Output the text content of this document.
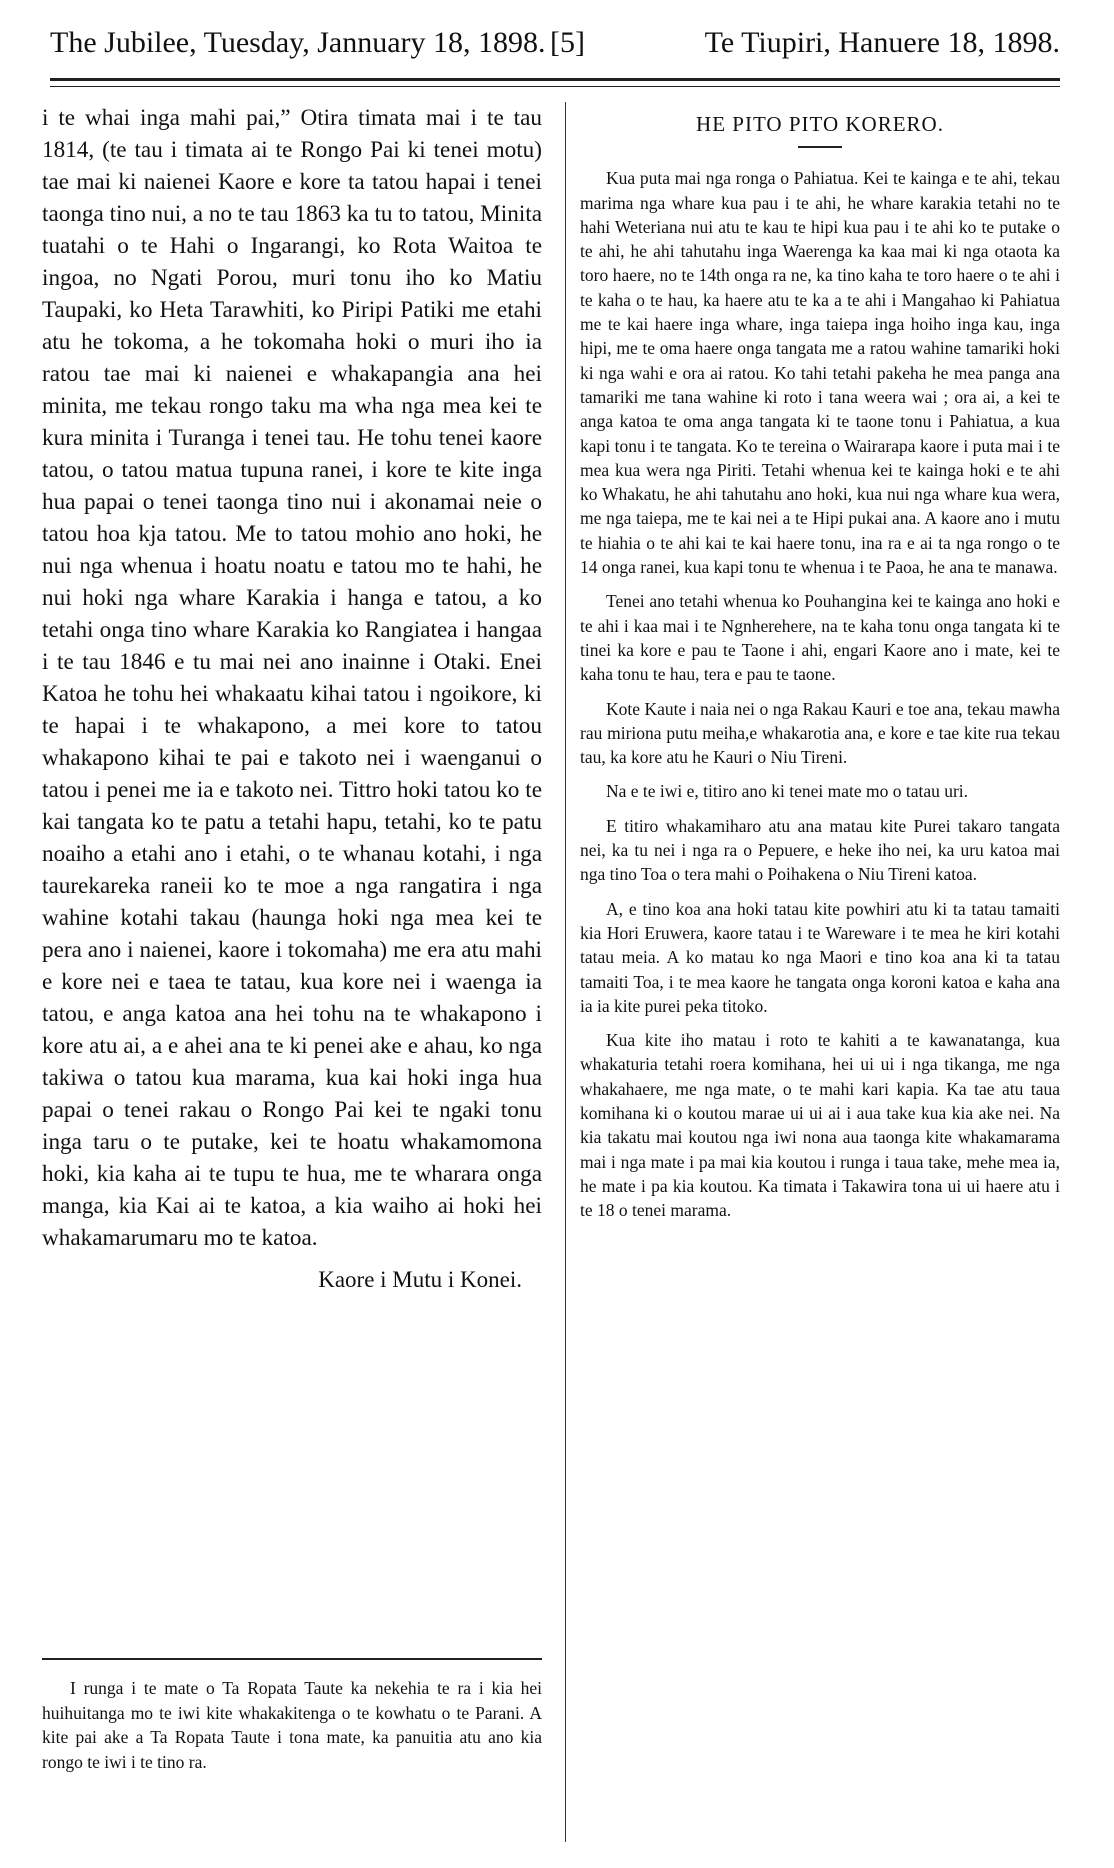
The Jubilee, Tuesday, Jannuary 18, 1898. [5]	Te Tiupiri, Hanuere 18, 1898.

i te whai inga mahi pai,” Otira timata mai i te tau 1814, (te tau i timata ai te Rongo Pai ki tenei motu) tae mai ki naienei Kaore e kore ta tatou hapai i tenei taonga tino nui, a no te tau 1863 ka tu to tatou, Minita tuatahi o te Hahi o Ingarangi, ko Rota Waitoa te ingoa, no Ngati Porou, muri tonu iho ko Matiu Taupaki, ko Heta Tarawhiti, ko Piripi Patiki me etahi atu he tokoma, a he tokomaha hoki o muri iho ia ratou tae mai ki naienei e whakapangia ana hei minita, me tekau rongo taku ma wha nga mea kei te kura minita i Turanga i tenei tau. He tohu tenei kaore tatou, o tatou matua tupuna ranei, i kore te kite inga hua papai o tenei taonga tino nui i akonamai neie o tatou hoa kja tatou. Me to tatou mohio ano hoki, he nui nga whenua i hoatu noatu e tatou mo te hahi, he nui hoki nga whare Karakia i hanga e tatou, a ko tetahi onga tino whare Karakia ko Rangiatea i hangaa i te tau 1846 e tu mai nei ano inainne i Otaki. Enei Katoa he tohu hei whakaatu kihai tatou i ngoikore, ki te hapai i te whakapono, a mei kore to tatou whakapono kihai te pai e takoto nei i waenganui o tatou i penei me ia e takoto nei. Tittro hoki tatou ko te kai tangata ko te patu a tetahi hapu, tetahi, ko te patu noaiho a etahi ano i etahi, o te whanau kotahi, i nga taurekareka raneii ko te moe a nga rangatira i nga wahine kotahi takau (haunga hoki nga mea kei te pera ano i naienei, kaore i tokomaha) me era atu mahi e kore nei e taea te tatau, kua kore nei i waenga ia tatou, e anga katoa ana hei tohu na te whakapono i kore atu ai, a e ahei ana te ki penei ake e ahau, ko nga takiwa o tatou kua marama, kua kai hoki inga hua papai o tenei rakau o Rongo Pai kei te ngaki tonu inga taru o te putake, kei te hoatu whakamomona hoki, kia kaha ai te tupu te hua, me te wharara onga manga, kia Kai ai te katoa, a kia waiho ai hoki hei whakamarumaru mo te katoa.

Kaore i Mutu i Konei.

I runga i te mate o Ta Ropata Taute ka nekehia te ra i kia hei huihuitanga mo te iwi kite whakakitenga o te kowhatu o te Parani. A kite pai ake a Ta Ropata Taute i tona mate, ka panuitia atu ano kia rongo te iwi i te tino ra.

HE PITO PITO KORERO.

Kua puta mai nga ronga o Pahiatua. Kei te kainga e te ahi, tekau marima nga whare kua pau i te ahi, he whare karakia tetahi no te hahi Weteriana nui atu te kau te hipi kua pau i te ahi ko te putake o te ahi, he ahi tahutahu inga Waerenga ka kaa mai ki nga otaota ka toro haere, no te 14th onga ra ne, ka tino kaha te toro haere o te ahi i te kaha o te hau, ka haere atu te ka a te ahi i Mangahao ki Pahiatua me te kai haere inga whare, inga taiepa inga hoiho inga kau, inga hipi, me te oma haere onga tangata me a ratou wahine tamariki hoki ki nga wahi e ora ai ratou. Ko tahi tetahi pakeha he mea panga ana tamariki me tana wahine ki roto i tana weera wai ; ora ai, a kei te anga katoa te oma anga tangata ki te taone tonu i Pahiatua, a kua kapi tonu i te tangata. Ko te tereina o Wairarapa kaore i puta mai i te mea kua wera nga Piriti. Tetahi whenua kei te kainga hoki e te ahi ko Whakatu, he ahi tahutahu ano hoki, kua nui nga whare kua wera, me nga taiepa, me te kai nei a te Hipi pukai ana. A kaore ano i mutu te hiahia o te ahi kai te kai haere tonu, ina ra e ai ta nga rongo o te 14 onga ranei, kua kapi tonu te whenua i te Paoa, he ana te manawa.

Tenei ano tetahi whenua ko Pouhangina kei te kainga ano hoki e te ahi i kaa mai i te Ngnherehere, na te kaha tonu onga tangata ki te tinei ka kore e pau te Taone i ahi, engari Kaore ano i mate, kei te kaha tonu te hau, tera e pau te taone.

Kote Kaute i naia nei o nga Rakau Kauri e toe ana, tekau mawha rau miriona putu meiha,e whakarotia ana, e kore e tae kite rua tekau tau, ka kore atu he Kauri o Niu Tireni.

Na e te iwi e, titiro ano ki tenei mate mo o tatau uri.

E titiro whakamiharo atu ana matau kite Purei takaro tangata nei, ka tu nei i nga ra o Pepuere, e heke iho nei, ka uru katoa mai nga tino Toa o tera mahi o Poihakena o Niu Tireni katoa.

A, e tino koa ana hoki tatau kite powhiri atu ki ta tatau tamaiti kia Hori Eruwera, kaore tatau i te Wareware i te mea he kiri kotahi tatau meia. A ko matau ko nga Maori e tino koa ana ki ta tatau tamaiti Toa, i te mea kaore he tangata onga koroni katoa e kaha ana ia ia kite purei peka titoko.

Kua kite iho matau i roto te kahiti a te kawanatanga, kua whakaturia tetahi roera komihana, hei ui ui i nga tikanga, me nga whakahaere, me nga mate, o te mahi kari kapia. Ka tae atu taua komihana ki o koutou marae ui ui ai i aua take kua kia ake nei. Na kia takatu mai koutou nga iwi nona aua taonga kite whakamarama mai i nga mate i pa mai kia koutou i runga i taua take, mehe mea ia, he mate i pa kia koutou. Ka timata i Takawira tona ui ui haere atu i te 18 o tenei marama.
